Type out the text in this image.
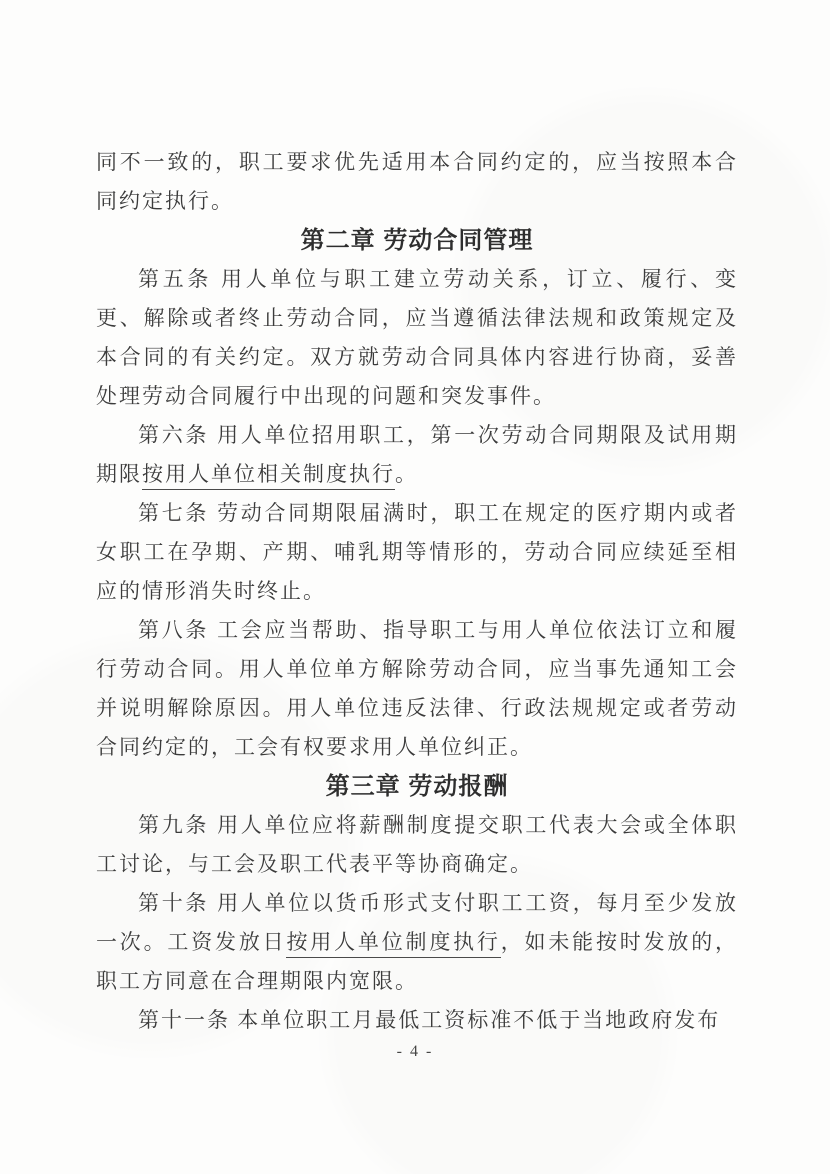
同不一致的，职工要求优先适用本合同约定的，应当按照本合同约定执行。

第二章 劳动合同管理

第五条 用人单位与职工建立劳动关系，订立、履行、变更、解除或者终止劳动合同，应当遵循法律法规和政策规定及本合同的有关约定。双方就劳动合同具体内容进行协商，妥善处理劳动合同履行中出现的问题和突发事件。

第六条 用人单位招用职工，第一次劳动合同期限及试用期期限按用人单位相关制度执行。

第七条 劳动合同期限届满时，职工在规定的医疗期内或者女职工在孕期、产期、哺乳期等情形的，劳动合同应续延至相应的情形消失时终止。

第八条 工会应当帮助、指导职工与用人单位依法订立和履行劳动合同。用人单位单方解除劳动合同，应当事先通知工会并说明解除原因。用人单位违反法律、行政法规规定或者劳动合同约定的，工会有权要求用人单位纠正。

第三章 劳动报酬

第九条 用人单位应将薪酬制度提交职工代表大会或全体职工讨论，与工会及职工代表平等协商确定。

第十条 用人单位以货币形式支付职工工资，每月至少发放一次。工资发放日按用人单位制度执行，如未能按时发放的，职工方同意在合理期限内宽限。

第十一条 本单位职工月最低工资标准不低于当地政府发布

- 4 -
